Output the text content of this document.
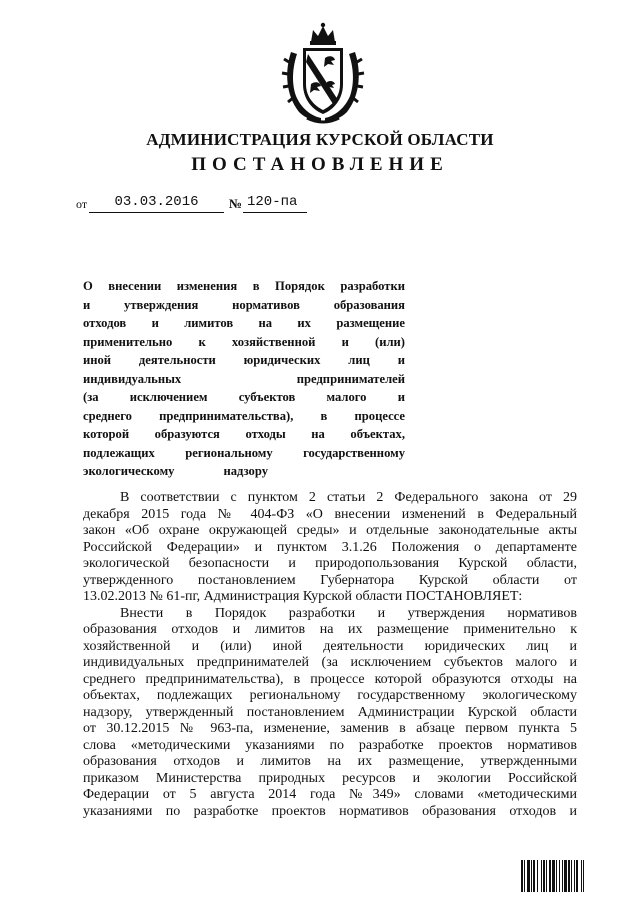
АДМИНИСТРАЦИЯ КУРСКОЙ ОБЛАСТИ
ПОСТАНОВЛЕНИЕ
от	03.03.2016	№ 120-па
О внесении изменения в Порядок разработки
и утверждения нормативов образования
отходов и лимитов на их размещение
применительно к хозяйственной и (или)
иной деятельности юридических лиц и
индивидуальных предпринимателей
(за исключением субъектов малого и
среднего предпринимательства), в процессе
которой образуются отходы на объектах,
подлежащих региональному государственному
экологическому надзору
В соответствии с пунктом 2 статьи 2 Федерального закона от 29
декабря 2015 года № 404-ФЗ «О внесении изменений в Федеральный
закон «Об охране окружающей среды» и отдельные законодательные акты
Российской Федерации» и пунктом 3.1.26 Положения о департаменте
экологической безопасности и природопользования Курской области,
утвержденного постановлением Губернатора Курской области от
13.02.2013 № 61-пг, Администрация Курской области ПОСТАНОВЛЯЕТ:
Внести в Порядок разработки и утверждения нормативов
образования отходов и лимитов на их размещение применительно к
хозяйственной и (или) иной деятельности юридических лиц и
индивидуальных предпринимателей (за исключением субъектов малого и
среднего предпринимательства), в процессе которой образуются отходы на
объектах, подлежащих региональному государственному экологическому
надзору, утвержденный постановлением Администрации Курской области
от 30.12.2015 № 963-па, изменение, заменив в абзаце первом пункта 5
слова «методическими указаниями по разработке проектов нормативов
образования отходов и лимитов на их размещение, утвержденными
приказом Министерства природных ресурсов и экологии Российской
Федерации от 5 августа 2014 года №349» словами «методическими
указаниями по разработке проектов нормативов образования отходов и
